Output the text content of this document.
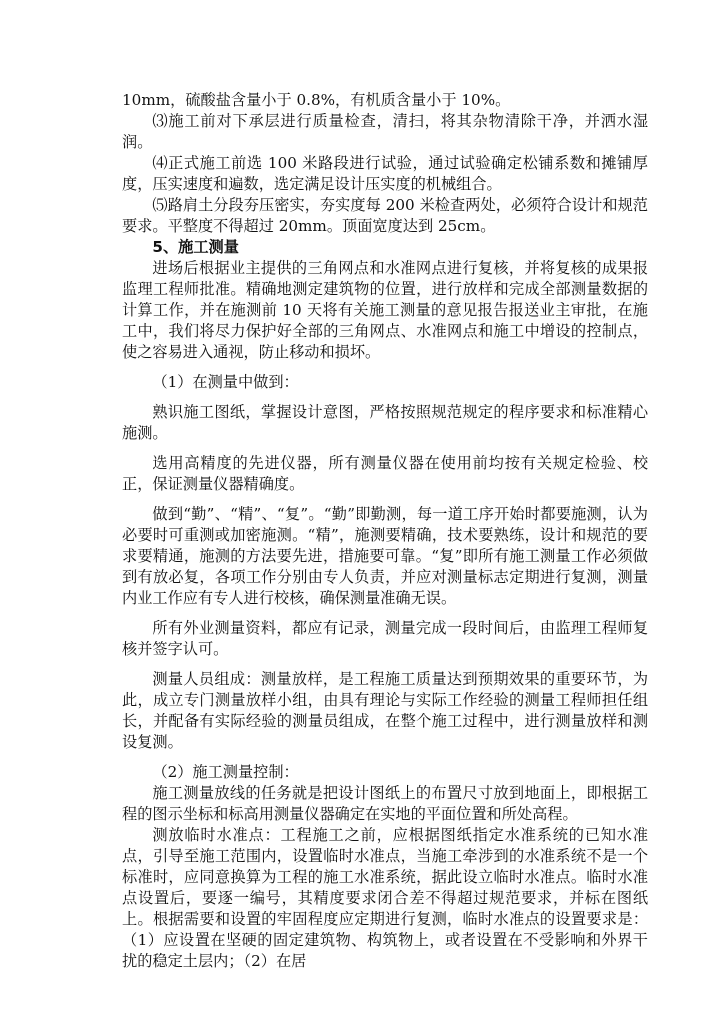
10mm，硫酸盐含量小于 0.8%，有机质含量小于 10%。

⑶施工前对下承层进行质量检查，清扫，将其杂物清除干净，并洒水湿润。

⑷正式施工前选 100 米路段进行试验，通过试验确定松铺系数和摊铺厚度，压实速度和遍数，选定满足设计压实度的机械组合。

⑸路肩土分段夯压密实，夯实度每 200 米检查两处，必须符合设计和规范要求。平整度不得超过 20mm。顶面宽度达到 25cm。

5、施工测量

进场后根据业主提供的三角网点和水准网点进行复核，并将复核的成果报监理工程师批准。精确地测定建筑物的位置，进行放样和完成全部测量数据的计算工作，并在施测前 10 天将有关施工测量的意见报告报送业主审批，在施工中，我们将尽力保护好全部的三角网点、水准网点和施工中增设的控制点，使之容易进入通视，防止移动和损坏。

（1）在测量中做到：

熟识施工图纸，掌握设计意图，严格按照规范规定的程序要求和标准精心施测。

选用高精度的先进仪器，所有测量仪器在使用前均按有关规定检验、校正，保证测量仪器精确度。

做到“勤”、“精”、“复”。“勤”即勤测，每一道工序开始时都要施测，认为必要时可重测或加密施测。“精”，施测要精确，技术要熟练，设计和规范的要求要精通，施测的方法要先进，措施要可靠。“复”即所有施工测量工作必须做到有放必复，各项工作分别由专人负责，并应对测量标志定期进行复测，测量内业工作应有专人进行校核，确保测量准确无误。

所有外业测量资料，都应有记录，测量完成一段时间后，由监理工程师复核并签字认可。

测量人员组成：测量放样，是工程施工质量达到预期效果的重要环节，为此，成立专门测量放样小组，由具有理论与实际工作经验的测量工程师担任组长，并配备有实际经验的测量员组成，在整个施工过程中，进行测量放样和测设复测。

（2）施工测量控制：

施工测量放线的任务就是把设计图纸上的布置尺寸放到地面上，即根据工程的图示坐标和标高用测量仪器确定在实地的平面位置和所处高程。

测放临时水准点：工程施工之前，应根据图纸指定水准系统的已知水准点，引导至施工范围内，设置临时水准点，当施工牵涉到的水准系统不是一个标准时，应同意换算为工程的施工水准系统，据此设立临时水准点。临时水准点设置后，要逐一编号，其精度要求闭合差不得超过规范要求，并标在图纸上。根据需要和设置的牢固程度应定期进行复测，临时水准点的设置要求是：（1）应设置在坚硬的固定建筑物、构筑物上，或者设置在不受影响和外界干扰的稳定土层内；（2）在居
